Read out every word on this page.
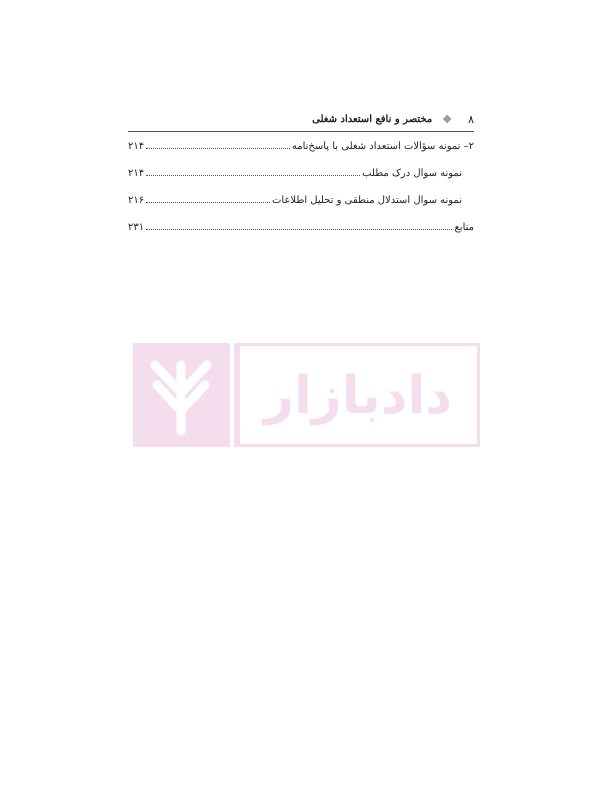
۸
❖
مختصر و نافع استعداد شغلی
۲– نمونه سؤالات استعداد شغلی با پاسخ‌نامه
۲۱۴
نمونه سوال درک مطلب
۲۱۴
نمونه سوال استدلال منطقی و تحلیل اطلاعات
۲۱۶
منابع
۲۳۱
دادبازار
